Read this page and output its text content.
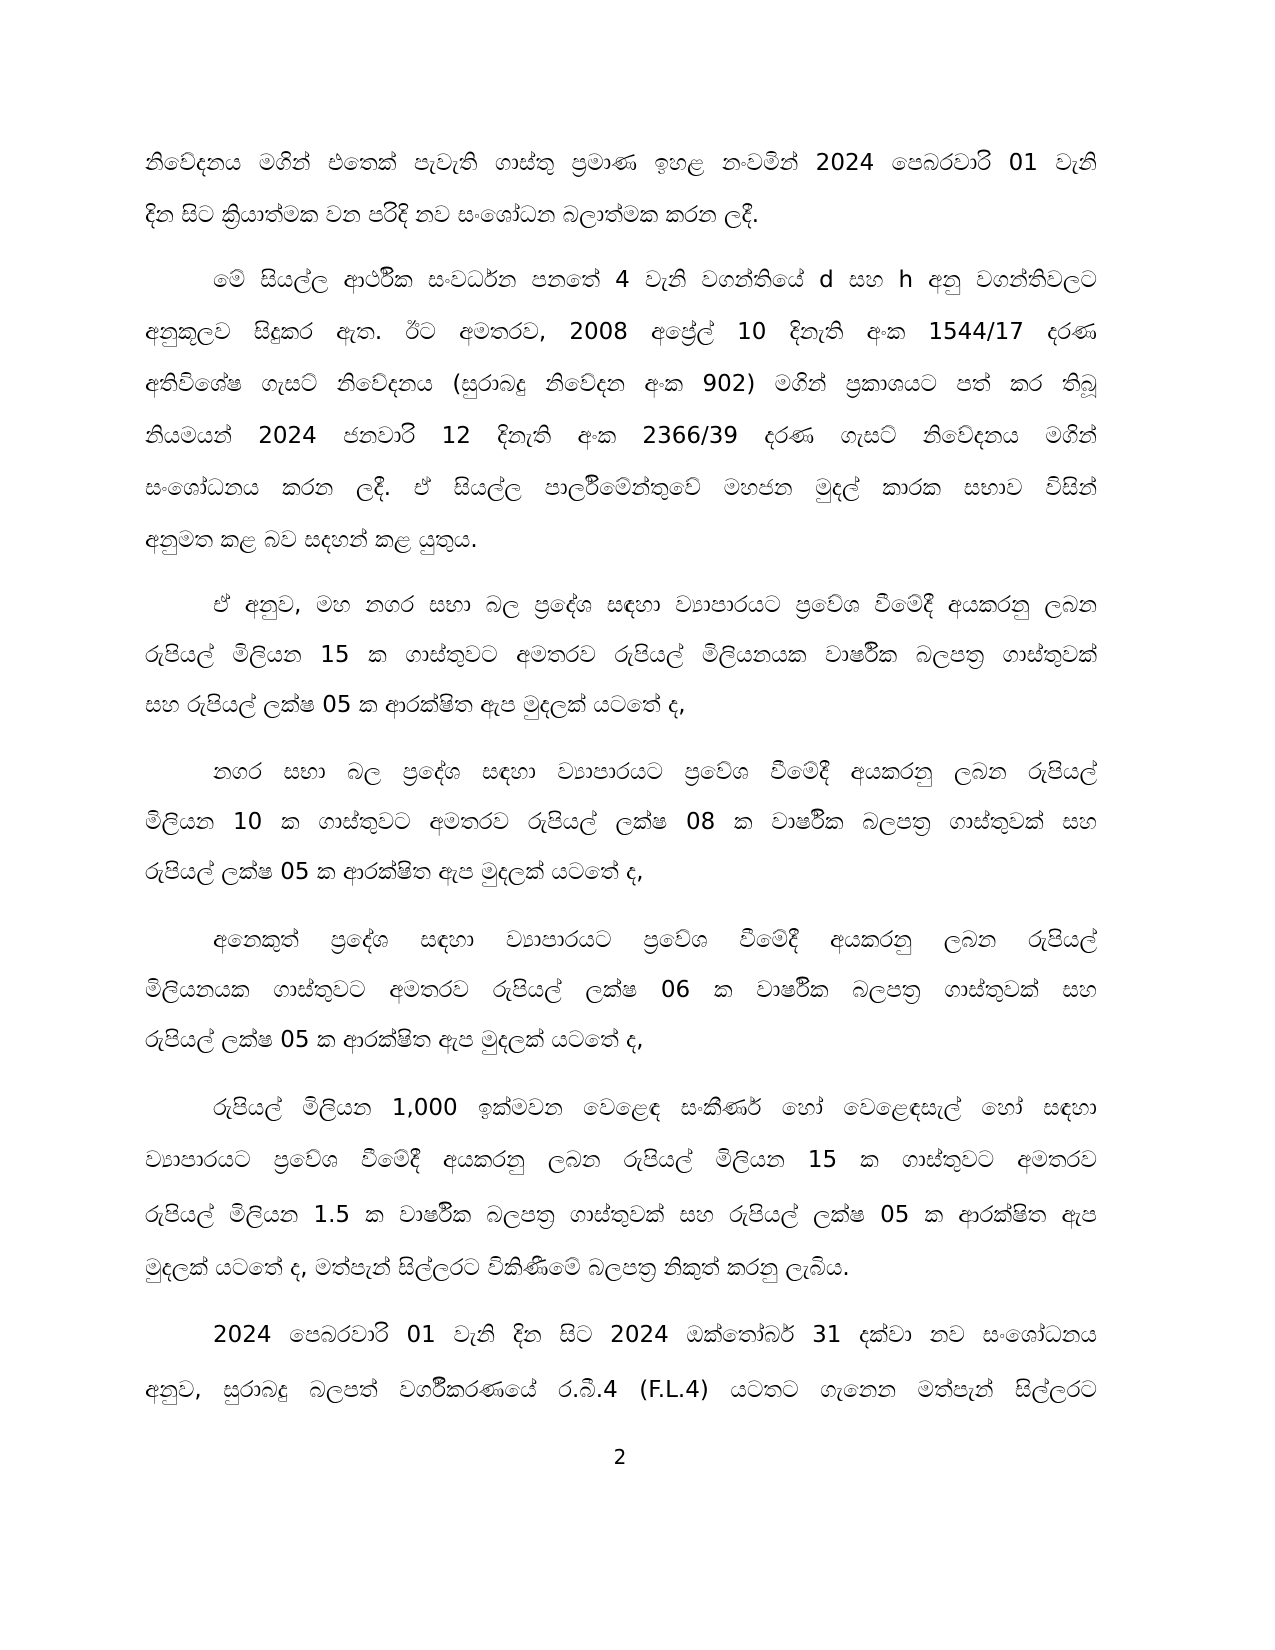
නිවේදනය මගින් එතෙක් පැවැති ගාස්තු ප්‍රමාණ ඉහළ නංවමින් 2024 පෙබරවාරි 01 වැනි
දින සිට ක්‍රියාත්මක වන පරිදි නව සංශෝධන බලාත්මක කරන ලදී.
මේ සියල්ල ආර්ථික සංවර්ධන පනතේ 4 වැනි වගන්තියේ d සහ h අනු වගන්තිවලට
අනුකූලව සිදුකර ඇත. ඊට අමතරව, 2008 අප්‍රේල් 10 දිනැති අංක 1544/17 දරණ
අතිවිශේෂ ගැසට් නිවේදනය (සුරාබදු නිවේදන අංක 902) මගින් ප්‍රකාශයට පත් කර තිබූ
නියමයන් 2024 ජනවාරි 12 දිනැති අංක 2366/39 දරණ ගැසට් නිවේදනය මගින්
සංශෝධනය කරන ලදී. ඒ සියල්ල පාර්ලිමේන්තුවේ මහජන මුදල් කාරක සභාව විසින්
අනුමත කළ බව සදහන් කළ යුතුය.
ඒ අනුව, මහ නගර සභා බල ප්‍රදේශ සඳහා ව්‍යාපාරයට ප්‍රවේශ වීමේදී අයකරනු ලබන
රුපියල් මිලියන 15 ක ගාස්තුවට අමතරව රුපියල් මිලියනයක වාර්ෂික බලපත්‍ර ගාස්තුවක්
සහ රුපියල් ලක්ෂ 05 ක ආරක්ෂිත ඇප මුදලක් යටතේ ද,
නගර සභා බල ප්‍රදේශ සඳහා ව්‍යාපාරයට ප්‍රවේශ වීමේදී අයකරනු ලබන රුපියල්
මිලියන 10 ක ගාස්තුවට අමතරව රුපියල් ලක්ෂ 08 ක වාර්ෂික බලපත්‍ර ගාස්තුවක් සහ
රුපියල් ලක්ෂ 05 ක ආරක්ෂිත ඇප මුදලක් යටතේ ද,
අනෙකුත් ප්‍රදේශ සඳහා ව්‍යාපාරයට ප්‍රවේශ වීමේදී අයකරනු ලබන රුපියල්
මිලියනයක ගාස්තුවට අමතරව රුපියල් ලක්ෂ 06 ක වාර්ෂික බලපත්‍ර ගාස්තුවක් සහ
රුපියල් ලක්ෂ 05 ක ආරක්ෂිත ඇප මුදලක් යටතේ ද,
රුපියල් මිලියන 1,000 ඉක්මවන වෙළෙඳ සංකීර්ණ හෝ වෙළෙඳසැල් හෝ සඳහා
ව්‍යාපාරයට ප්‍රවේශ වීමේදී අයකරනු ලබන රුපියල් මිලියන 15 ක ගාස්තුවට අමතරව
රුපියල් මිලියන 1.5 ක වාර්ෂික බලපත්‍ර ගාස්තුවක් සහ රුපියල් ලක්ෂ 05 ක ආරක්ෂිත ඇප
මුදලක් යටතේ ද, මත්පැන් සිල්ලරට විකිණීමේ බලපත්‍ර නිකුත් කරනු ලැබිය.
2024 පෙබරවාරි 01 වැනි දින සිට 2024 ඔක්තෝබර් 31 දක්වා නව සංශෝධනය
අනුව, සුරාබදු බලපත් වර්ගීකරණයේ ර.බී.4 (F.L.4) යටතට ගැනෙන මත්පැන් සිල්ලරට
2
